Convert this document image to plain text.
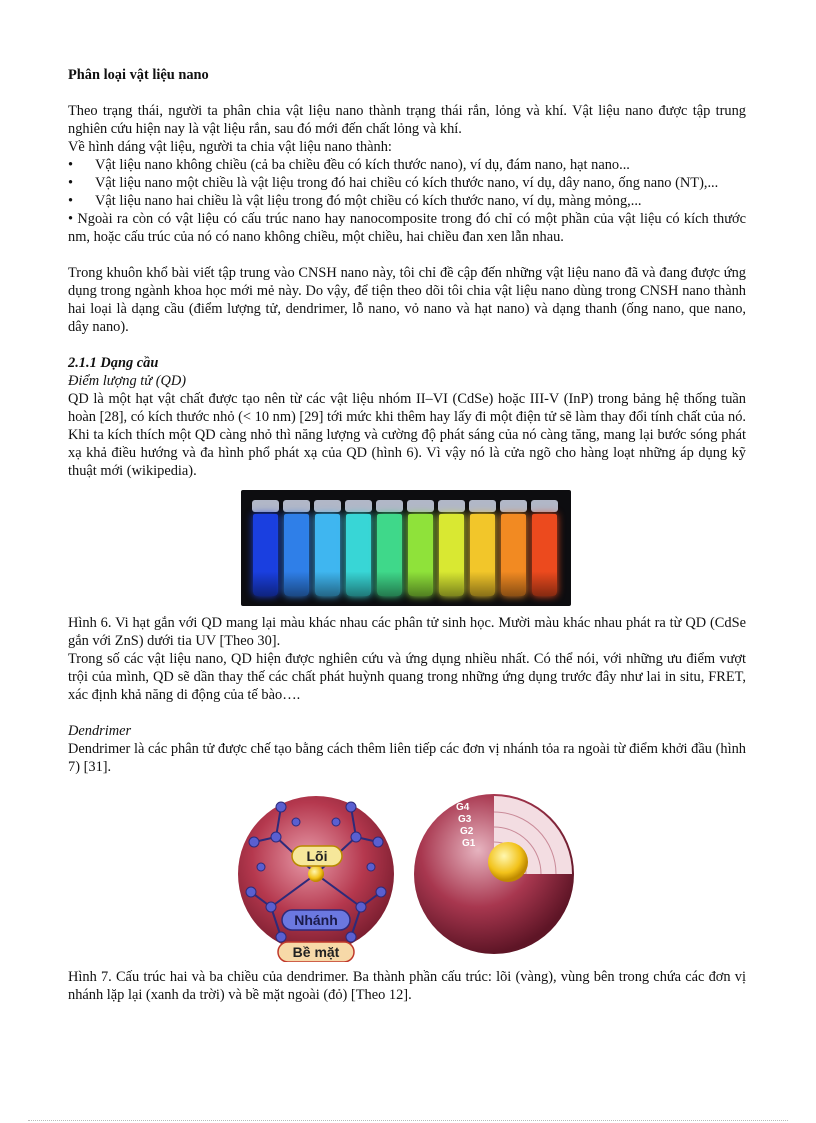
Phân loại vật liệu nano

Theo trạng thái, người ta phân chia vật liệu nano thành trạng thái rắn, lỏng và khí. Vật liệu nano được tập trung nghiên cứu hiện nay là vật liệu rắn, sau đó mới đến chất lỏng và khí.

Về hình dáng vật liệu, người ta chia vật liệu nano thành:

•	Vật liệu nano không chiều (cả ba chiều đều có kích thước nano), ví dụ, đám nano, hạt nano...
•	Vật liệu nano một chiều là vật liệu trong đó hai chiều có kích thước nano, ví dụ, dây nano, ống nano (NT),...
•	Vật liệu nano hai chiều là vật liệu trong đó một chiều có kích thước nano, ví dụ, màng mỏng,...

• Ngoài ra còn có vật liệu có cấu trúc nano hay nanocomposite trong đó chỉ có một phần của vật liệu có kích thước nm, hoặc cấu trúc của nó có nano không chiều, một chiều, hai chiều đan xen lẫn nhau.

Trong khuôn khổ bài viết tập trung vào CNSH nano này, tôi chỉ đề cập đến những vật liệu nano đã và đang được ứng dụng trong ngành khoa học mới mẻ này. Do vậy, để tiện theo dõi tôi chia vật liệu nano dùng trong CNSH nano thành hai loại là dạng cầu (điểm lượng tử, dendrimer, lỗ nano, vỏ nano và hạt nano) và dạng thanh (ống nano, que nano, dây nano).

2.1.1 Dạng cầu

Điểm lượng tử (QD)

QD là một hạt vật chất được tạo nên từ các vật liệu nhóm II–VI (CdSe) hoặc III-V (InP) trong bảng hệ thống tuần hoàn [28], có kích thước nhỏ (< 10 nm) [29] tới mức khi thêm hay lấy đi một điện tử sẽ làm thay đổi tính chất của nó. Khi ta kích thích một QD càng nhỏ thì năng lượng và cường độ phát sáng của nó càng tăng, mang lại bước sóng phát xạ khả điều hướng và đa hình phổ phát xạ của QD (hình 6). Vì vậy nó là cửa ngõ cho hàng loạt những áp dụng kỹ thuật mới (wikipedia).

Hình 6. Vi hạt gắn với QD mang lại màu khác nhau các phân tử sinh học. Mười màu khác nhau phát ra từ QD (CdSe gắn với ZnS) dưới tia UV [Theo 30].

Trong số các vật liệu nano, QD hiện được nghiên cứu và ứng dụng nhiều nhất. Có thể nói, với những ưu điểm vượt trội của mình, QD sẽ dần thay thế các chất phát huỳnh quang trong những ứng dụng trước đây như lai in situ, FRET, xác định khả năng di động của tế bào….

Dendrimer

Dendrimer là các phân tử được chế tạo bằng cách thêm liên tiếp các đơn vị nhánh tỏa ra ngoài từ điểm khởi đầu (hình 7) [31].

Lõi
Nhánh
Bề mặt
G4
G3
G2
G1

Hình 7. Cấu trúc hai và ba chiều của dendrimer. Ba thành phần cấu trúc: lõi (vàng), vùng bên trong chứa các đơn vị nhánh lặp lại (xanh da trời) và bề mặt ngoài (đỏ) [Theo 12].
